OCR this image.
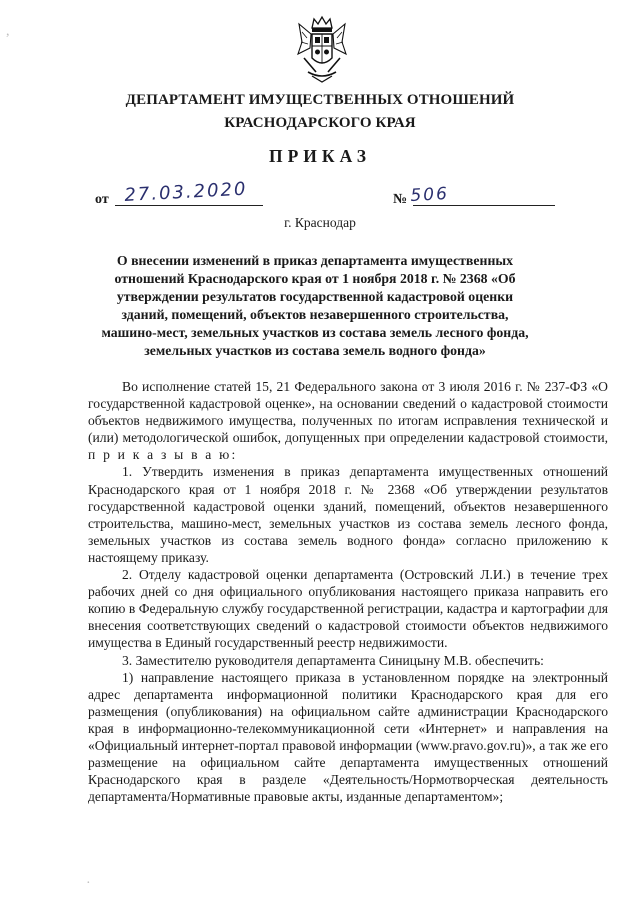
,
·
ДЕПАРТАМЕНТ ИМУЩЕСТВЕННЫХ ОТНОШЕНИЙ
КРАСНОДАРСКОГО КРАЯ
ПРИКАЗ
от 27.03.2020	№ 506
г. Краснодар
О внесении изменений в приказ департамента имущественных отношений Краснодарского края от 1 ноября 2018 г. № 2368 «Об утверждении результатов государственной кадастровой оценки зданий, помещений, объектов незавершенного строительства, машино-мест, земельных участков из состава земель лесного фонда, земельных участков из состава земель водного фонда»

Во исполнение статей 15, 21 Федерального закона от 3 июля 2016 г. № 237-ФЗ «О государственной кадастровой оценке», на основании сведений о кадастровой стоимости объектов недвижимого имущества, полученных по итогам исправления технической и (или) методологической ошибок, допущенных при определении кадастровой стоимости, п р и к а з ы в а ю:

1. Утвердить изменения в приказ департамента имущественных отношений Краснодарского края от 1 ноября 2018 г. № 2368 «Об утверждении результатов государственной кадастровой оценки зданий, помещений, объектов незавершенного строительства, машино-мест, земельных участков из состава земель лесного фонда, земельных участков из состава земель водного фонда» согласно приложению к настоящему приказу.

2. Отделу кадастровой оценки департамента (Островский Л.И.) в течение трех рабочих дней со дня официального опубликования настоящего приказа направить его копию в Федеральную службу государственной регистрации, кадастра и картографии для внесения соответствующих сведений о кадастровой стоимости объектов недвижимого имущества в Единый государственный реестр недвижимости.

3. Заместителю руководителя департамента Синицыну М.В. обеспечить:

1) направление настоящего приказа в установленном порядке на электронный адрес департамента информационной политики Краснодарского края для его размещения (опубликования) на официальном сайте администрации Краснодарского края в информационно-телекоммуникационной сети «Интернет» и направления на «Официальный интернет-портал правовой информации (www.pravo.gov.ru)», а так же его размещение на официальном сайте департамента имущественных отношений Краснодарского края в разделе «Деятельность/Нормотворческая деятельность департамента/Нормативные правовые акты, изданные департаментом»;
